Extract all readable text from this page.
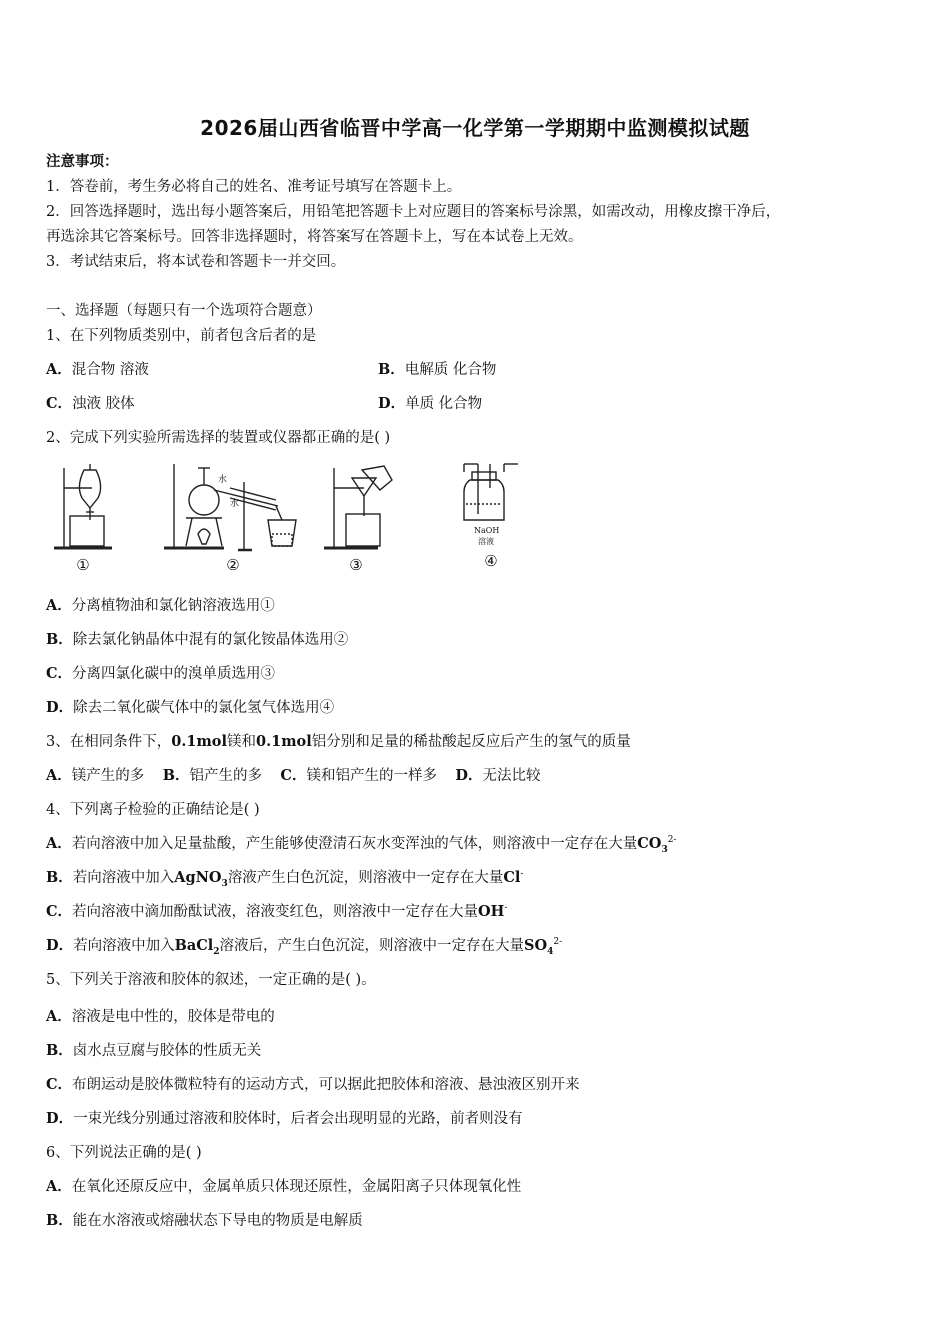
2026届山西省临晋中学高一化学第一学期期中监测模拟试题
注意事项：
1．答卷前，考生务必将自己的姓名、准考证号填写在答题卡上。
2．回答选择题时，选出每小题答案后，用铅笔把答题卡上对应题目的答案标号涂黑，如需改动，用橡皮擦干净后，
再选涂其它答案标号。回答非选择题时，将答案写在答题卡上，写在本试卷上无效。
3．考试结束后，将本试卷和答题卡一并交回。
一、选择题（每题只有一个选项符合题意）
1、在下列物质类别中，前者包含后者的是
A．混合物 溶液	B．电解质 化合物
C．浊液 胶体	D．单质 化合物
2、完成下列实验所需选择的装置或仪器都正确的是( )
水
水
NaOH
溶液
①	②	③	④
A．分离植物油和氯化钠溶液选用①
B．除去氯化钠晶体中混有的氯化铵晶体选用②
C．分离四氯化碳中的溴单质选用③
D．除去二氧化碳气体中的氯化氢气体选用④
3、在相同条件下，0.1mol镁和0.1mol铝分别和足量的稀盐酸起反应后产生的氢气的质量
A．镁产生的多 B．铝产生的多 C．镁和铝产生的一样多 D．无法比较
4、下列离子检验的正确结论是( )
A．若向溶液中加入足量盐酸，产生能够使澄清石灰水变浑浊的气体，则溶液中一定存在大量$CO_3^{2-}$
B．若向溶液中加入AgNO$_3$溶液产生白色沉淀，则溶液中一定存在大量Cl-
C．若向溶液中滴加酚酞试液，溶液变红色，则溶液中一定存在大量OH-
D．若向溶液中加入BaCl$_2$溶液后，产生白色沉淀，则溶液中一定存在大量$SO_4^{2-}$
5、下列关于溶液和胶体的叙述，一定正确的是( )。
A．溶液是电中性的，胶体是带电的
B．卤水点豆腐与胶体的性质无关
C．布朗运动是胶体微粒特有的运动方式，可以据此把胶体和溶液、悬浊液区别开来
D．一束光线分别通过溶液和胶体时，后者会出现明显的光路，前者则没有
6、下列说法正确的是( )
A．在氧化还原反应中，金属单质只体现还原性，金属阳离子只体现氧化性
B．能在水溶液或熔融状态下导电的物质是电解质
